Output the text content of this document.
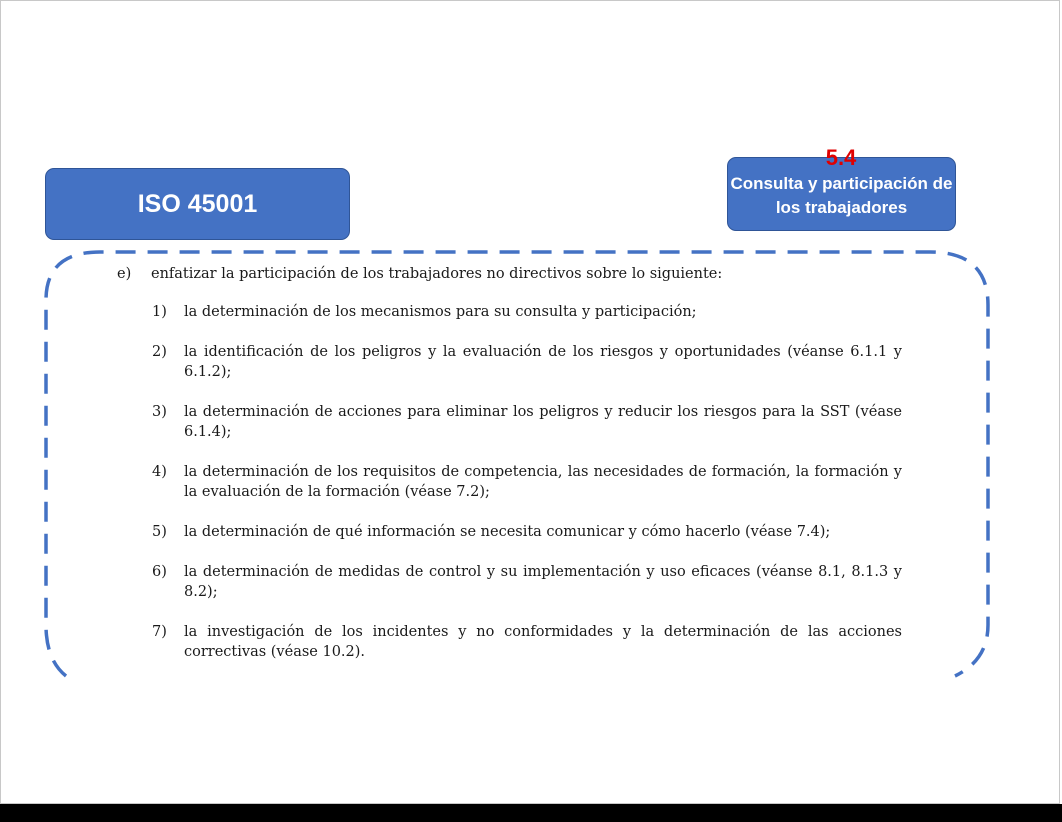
ISO 45001
Consulta y participación de los trabajadores
5.4
e)	enfatizar la participación de los trabajadores no directivos sobre lo siguiente:
1)	la determinación de los mecanismos para su consulta y participación;
2)	la identificación de los peligros y la evaluación de los riesgos y oportunidades (véanse 6.1.1 y 6.1.2);
3)	la determinación de acciones para eliminar los peligros y reducir los riesgos para la SST (véase 6.1.4);
4)	la determinación de los requisitos de competencia, las necesidades de formación, la formación y la evaluación de la formación (véase 7.2);
5)	la determinación de qué información se necesita comunicar y cómo hacerlo (véase 7.4);
6)	la determinación de medidas de control y su implementación y uso eficaces (véanse 8.1, 8.1.3 y 8.2);
7)	la investigación de los incidentes y no conformidades y la determinación de las acciones correctivas (véase 10.2).
